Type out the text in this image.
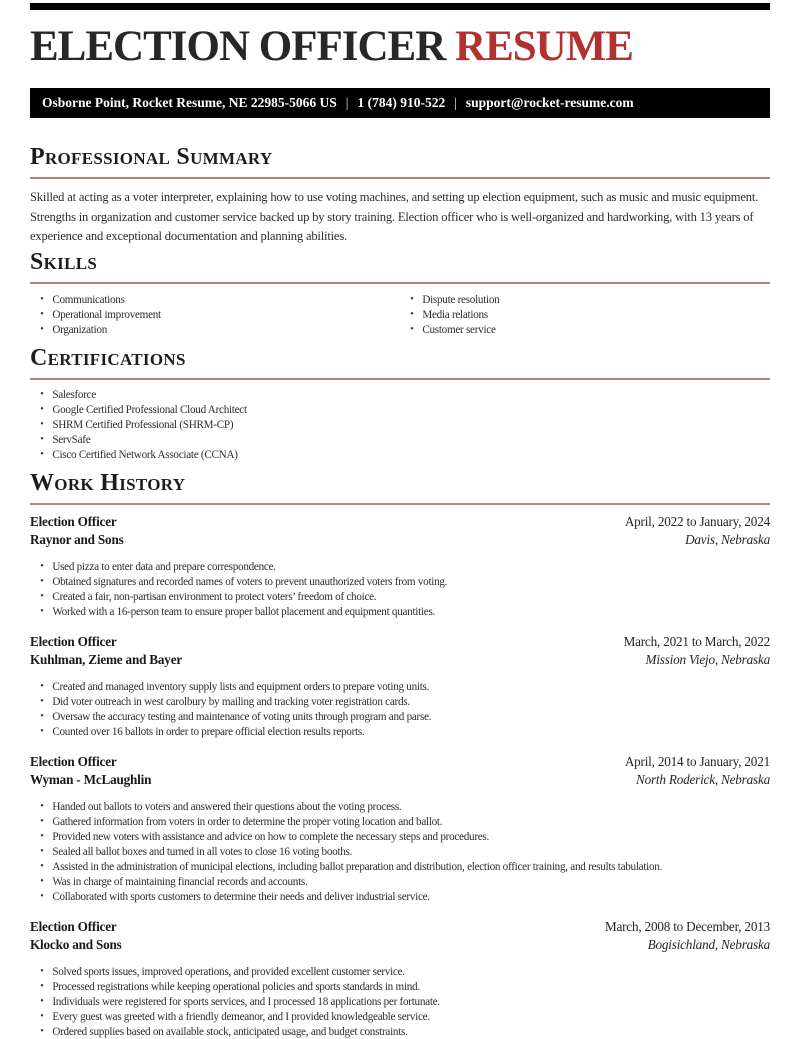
ELECTION OFFICER RESUME
Osborne Point, Rocket Resume, NE 22985-5066 US | 1 (784) 910-522 | support@rocket-resume.com
Professional Summary

Skilled at acting as a voter interpreter, explaining how to use voting machines, and setting up election equipment, such as music and music equipment. Strengths in organization and customer service backed up by story training. Election officer who is well-organized and hardworking, with 13 years of experience and exceptional documentation and planning abilities.

Skills
• Communications
• Operational improvement
• Organization
• Dispute resolution
• Media relations
• Customer service
Certifications
• Salesforce
• Google Certified Professional Cloud Architect
• SHRM Certified Professional (SHRM-CP)
• ServSafe
• Cisco Certified Network Associate (CCNA)
Work History
Election Officer	April, 2022 to January, 2024
Raynor and Sons	Davis, Nebraska
• Used pizza to enter data and prepare correspondence.
• Obtained signatures and recorded names of voters to prevent unauthorized voters from voting.
• Created a fair, non-partisan environment to protect voters’ freedom of choice.
• Worked with a 16-person team to ensure proper ballot placement and equipment quantities.
Election Officer	March, 2021 to March, 2022
Kuhlman, Zieme and Bayer	Mission Viejo, Nebraska
• Created and managed inventory supply lists and equipment orders to prepare voting units.
• Did voter outreach in west carolbury by mailing and tracking voter registration cards.
• Oversaw the accuracy testing and maintenance of voting units through program and parse.
• Counted over 16 ballots in order to prepare official election results reports.
Election Officer	April, 2014 to January, 2021
Wyman - McLaughlin	North Roderick, Nebraska
• Handed out ballots to voters and answered their questions about the voting process.
• Gathered information from voters in order to determine the proper voting location and ballot.
• Provided new voters with assistance and advice on how to complete the necessary steps and procedures.
• Sealed all ballot boxes and turned in all votes to close 16 voting booths.
• Assisted in the administration of municipal elections, including ballot preparation and distribution, election officer training, and results tabulation.
• Was in charge of maintaining financial records and accounts.
• Collaborated with sports customers to determine their needs and deliver industrial service.
Election Officer	March, 2008 to December, 2013
Klocko and Sons	Bogisichland, Nebraska
• Solved sports issues, improved operations, and provided excellent customer service.
• Processed registrations while keeping operational policies and sports standards in mind.
• Individuals were registered for sports services, and I processed 18 applications per fortunate.
• Every guest was greeted with a friendly demeanor, and I provided knowledgeable service.
• Ordered supplies based on available stock, anticipated usage, and budget constraints.
